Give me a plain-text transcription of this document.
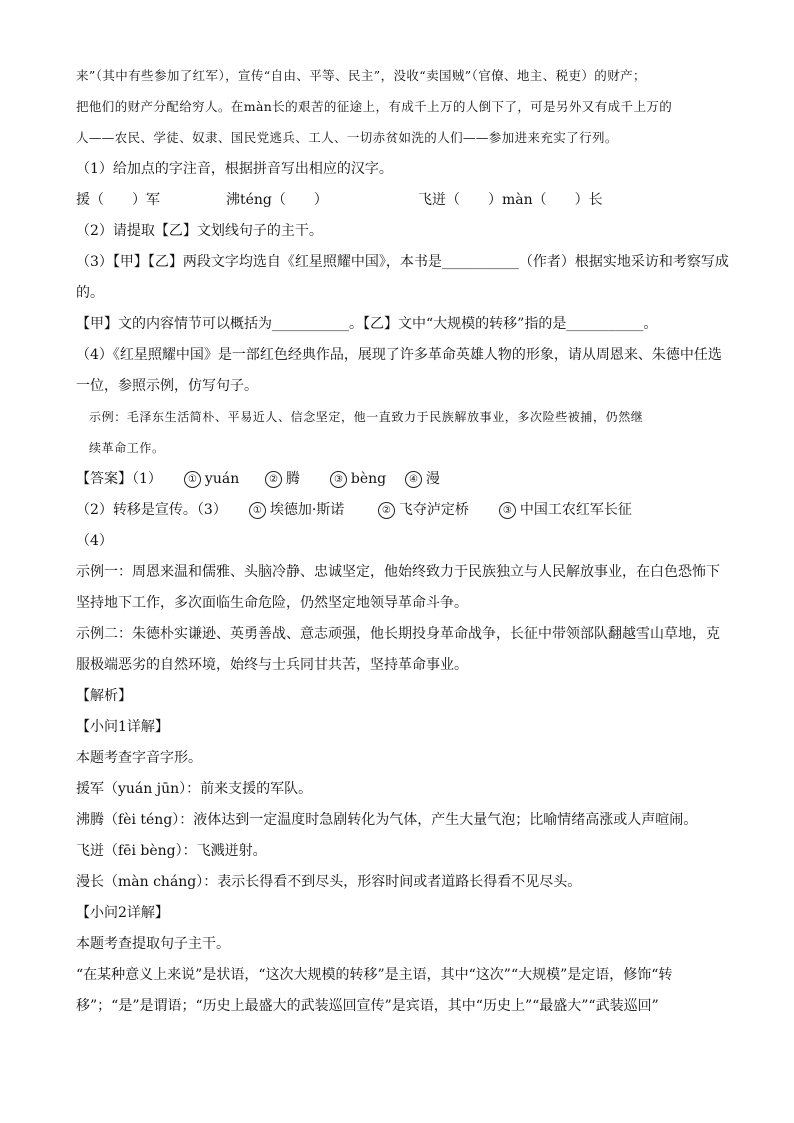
来”（其中有些参加了红军），宣传“自由、平等、民主”，没收“卖国贼”（官僚、地主、税吏）的财产；
把他们的财产分配给穷人。在màn长的艰苦的征途上，有成千上万的人倒下了，可是另外又有成千上万的
人——农民、学徒、奴隶、国民党逃兵、工人、一切赤贫如洗的人们——参加进来充实了行列。
（1）给加点的字注音，根据拼音写出相应的汉字。
援（　　）军	沸téng（　　）	飞迸（　　）màn（　　）长
（2）请提取【乙】文划线句子的主干。
（3）【甲】【乙】两段文字均选自《红星照耀中国》，本书是___________（作者）根据实地采访和考察写成
的。
【甲】文的内容情节可以概括为___________。【乙】文中“大规模的转移”指的是___________。
（4）《红星照耀中国》是一部红色经典作品，展现了许多革命英雄人物的形象，请从周恩来、朱德中任选
一位，参照示例，仿写句子。
示例：毛泽东生活简朴、平易近人、信念坚定，他一直致力于民族解放事业，多次险些被捕，仍然继
续革命工作。
【答案】（1）	① yuán	② 腾	③ bèng ④ 漫
（2）转移是宣传。（3）	① 埃德加·斯诺	② 飞夺泸定桥	③ 中国工农红军长征
（4）
示例一：周恩来温和儒雅、头脑冷静、忠诚坚定，他始终致力于民族独立与人民解放事业，在白色恐怖下
坚持地下工作，多次面临生命危险，仍然坚定地领导革命斗争。
示例二：朱德朴实谦逊、英勇善战、意志顽强，他长期投身革命战争，长征中带领部队翻越雪山草地，克
服极端恶劣的自然环境，始终与士兵同甘共苦，坚持革命事业。
【解析】
【小问1详解】
本题考查字音字形。
援军（yuán jūn）：前来支援的军队。
沸腾（fèi téng）：液体达到一定温度时急剧转化为气体，产生大量气泡；比喻情绪高涨或人声喧闹。
飞迸（fēi bèng）：飞溅迸射。
漫长（màn cháng）：表示长得看不到尽头，形容时间或者道路长得看不见尽头。
【小问2详解】
本题考查提取句子主干。
“在某种意义上来说”是状语，“这次大规模的转移”是主语，其中“这次”“大规模”是定语，修饰“转
移”；“是”是谓语；“历史上最盛大的武装巡回宣传”是宾语，其中“历史上”“最盛大”“武装巡回”
